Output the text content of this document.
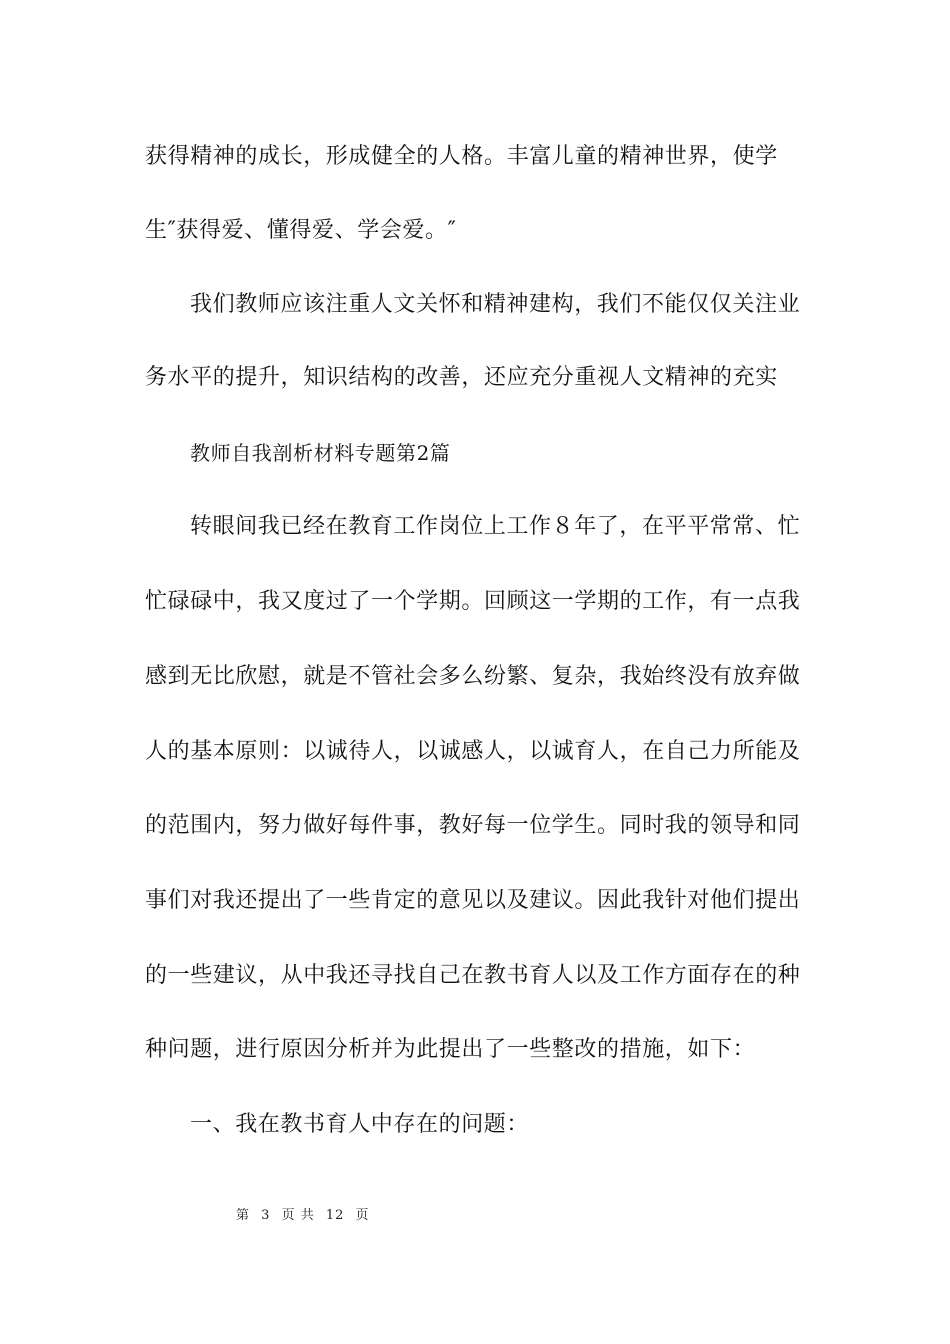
获得精神的成长，形成健全的人格。丰富儿童的精神世界，使学
生″获得爱、懂得爱、学会爱。″
我们教师应该注重人文关怀和精神建构，我们不能仅仅关注业
务水平的提升，知识结构的改善，还应充分重视人文精神的充实
教师自我剖析材料专题第2篇
转眼间我已经在教育工作岗位上工作８年了，在平平常常、忙
忙碌碌中，我又度过了一个学期。回顾这一学期的工作，有一点我
感到无比欣慰，就是不管社会多么纷繁、复杂，我始终没有放弃做
人的基本原则：以诚待人，以诚感人，以诚育人，在自己力所能及
的范围内，努力做好每件事，教好每一位学生。同时我的领导和同
事们对我还提出了一些肯定的意见以及建议。因此我针对他们提出
的一些建议，从中我还寻找自己在教书育人以及工作方面存在的种
种问题，进行原因分析并为此提出了一些整改的措施，如下：
一、我在教书育人中存在的问题：
第 3 页 共 12 页
